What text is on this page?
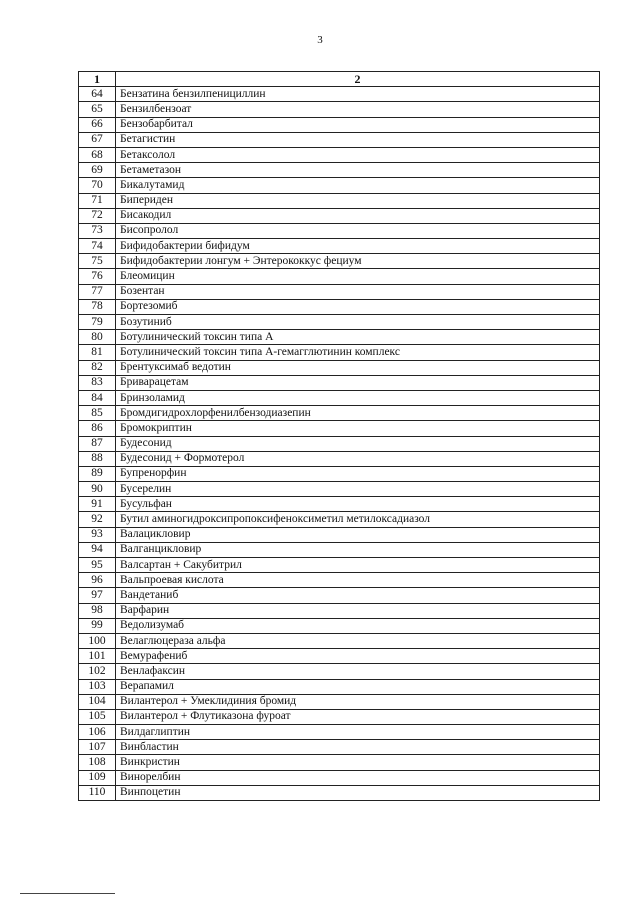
3
1	2
64	Бензатина бензилпенициллин
65	Бензилбензоат
66	Бензобарбитал
67	Бетагистин
68	Бетаксолол
69	Бетаметазон
70	Бикалутамид
71	Бипериден
72	Бисакодил
73	Бисопролол
74	Бифидобактерии бифидум
75	Бифидобактерии лонгум + Энтерококкус фециум
76	Блеомицин
77	Бозентан
78	Бортезомиб
79	Бозутиниб
80	Ботулинический токсин типа А
81	Ботулинический токсин типа А-гемагглютинин комплекс
82	Брентуксимаб ведотин
83	Бриварацетам
84	Бринзоламид
85	Бромдигидрохлорфенилбензодиазепин
86	Бромокриптин
87	Будесонид
88	Будесонид + Формотерол
89	Бупренорфин
90	Бусерелин
91	Бусульфан
92	Бутил аминогидроксипропоксифеноксиметил метилоксадиазол
93	Валацикловир
94	Валганцикловир
95	Валсартан + Сакубитрил
96	Вальпроевая кислота
97	Вандетаниб
98	Варфарин
99	Ведолизумаб
100	Велаглюцераза альфа
101	Вемурафениб
102	Венлафаксин
103	Верапамил
104	Вилантерол + Умеклидиния бромид
105	Вилантерол + Флутиказона фуроат
106	Вилдаглиптин
107	Винбластин
108	Винкристин
109	Винорелбин
110	Винпоцетин
